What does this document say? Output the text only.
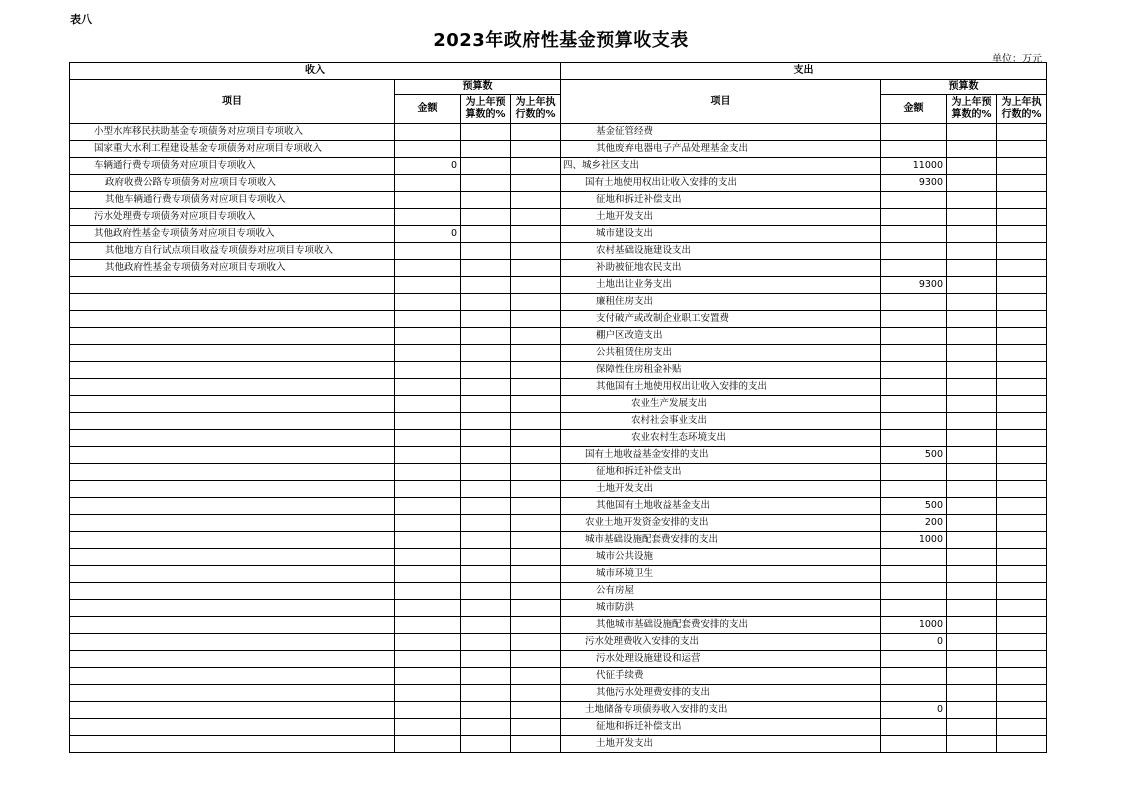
表八
2023年政府性基金预算收支表
单位：万元
收入				支出			
项目	预算数			项目	预算数		
	金额	为上年预算数的%	为上年执行数的%		金额	为上年预算数的%	为上年执行数的%
小型水库移民扶助基金专项债务对应项目专项收入				基金征管经费			
国家重大水利工程建设基金专项债务对应项目专项收入				其他废弃电器电子产品处理基金支出			
车辆通行费专项债务对应项目专项收入	0			四、城乡社区支出	11000		
政府收费公路专项债务对应项目专项收入				国有土地使用权出让收入安排的支出	9300		
其他车辆通行费专项债务对应项目专项收入				征地和拆迁补偿支出			
污水处理费专项债务对应项目专项收入				土地开发支出			
其他政府性基金专项债务对应项目专项收入	0			城市建设支出			
其他地方自行试点项目收益专项债券对应项目专项收入				农村基础设施建设支出			
其他政府性基金专项债务对应项目专项收入				补助被征地农民支出			
				土地出让业务支出	9300		
				廉租住房支出			
				支付破产或改制企业职工安置费			
				棚户区改造支出			
				公共租赁住房支出			
				保障性住房租金补贴			
				其他国有土地使用权出让收入安排的支出			
				农业生产发展支出			
				农村社会事业支出			
				农业农村生态环境支出			
				国有土地收益基金安排的支出	500		
				征地和拆迁补偿支出			
				土地开发支出			
				其他国有土地收益基金支出	500		
				农业土地开发资金安排的支出	200		
				城市基础设施配套费安排的支出	1000		
				城市公共设施			
				城市环境卫生			
				公有房屋			
				城市防洪			
				其他城市基础设施配套费安排的支出	1000		
				污水处理费收入安排的支出	0		
				污水处理设施建设和运营			
				代征手续费			
				其他污水处理费安排的支出			
				土地储备专项债券收入安排的支出	0		
				征地和拆迁补偿支出			
				土地开发支出			
